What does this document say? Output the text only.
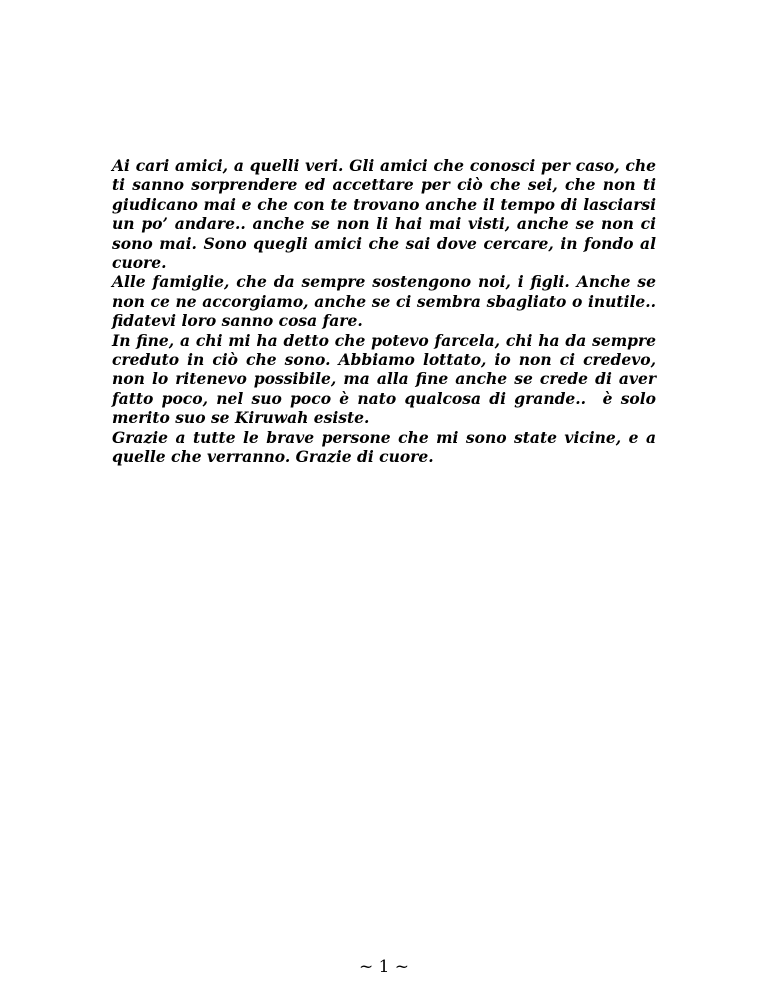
Ai cari amici, a quelli veri. Gli amici che conosci per caso, che ti sanno sorprendere ed accettare per ciò che sei, che non ti giudicano mai e che con te trovano anche il tempo di lasciarsi un po’ andare.. anche se non li hai mai visti, anche se non ci sono mai. Sono quegli amici che sai dove cercare, in fondo al cuore.

Alle famiglie, che da sempre sostengono noi, i figli. Anche se non ce ne accorgiamo, anche se ci sembra sbagliato o inutile.. fidatevi loro sanno cosa fare.

In fine, a chi mi ha detto che potevo farcela, chi ha da sempre creduto in ciò che sono. Abbiamo lottato, io non ci credevo, non lo ritenevo possibile, ma alla fine anche se crede di aver fatto poco, nel suo poco è nato qualcosa di grande..  è solo merito suo se Kiruwah esiste.

Grazie a tutte le brave persone che mi sono state vicine, e a quelle che verranno. Grazie di cuore.

~ 1 ~
